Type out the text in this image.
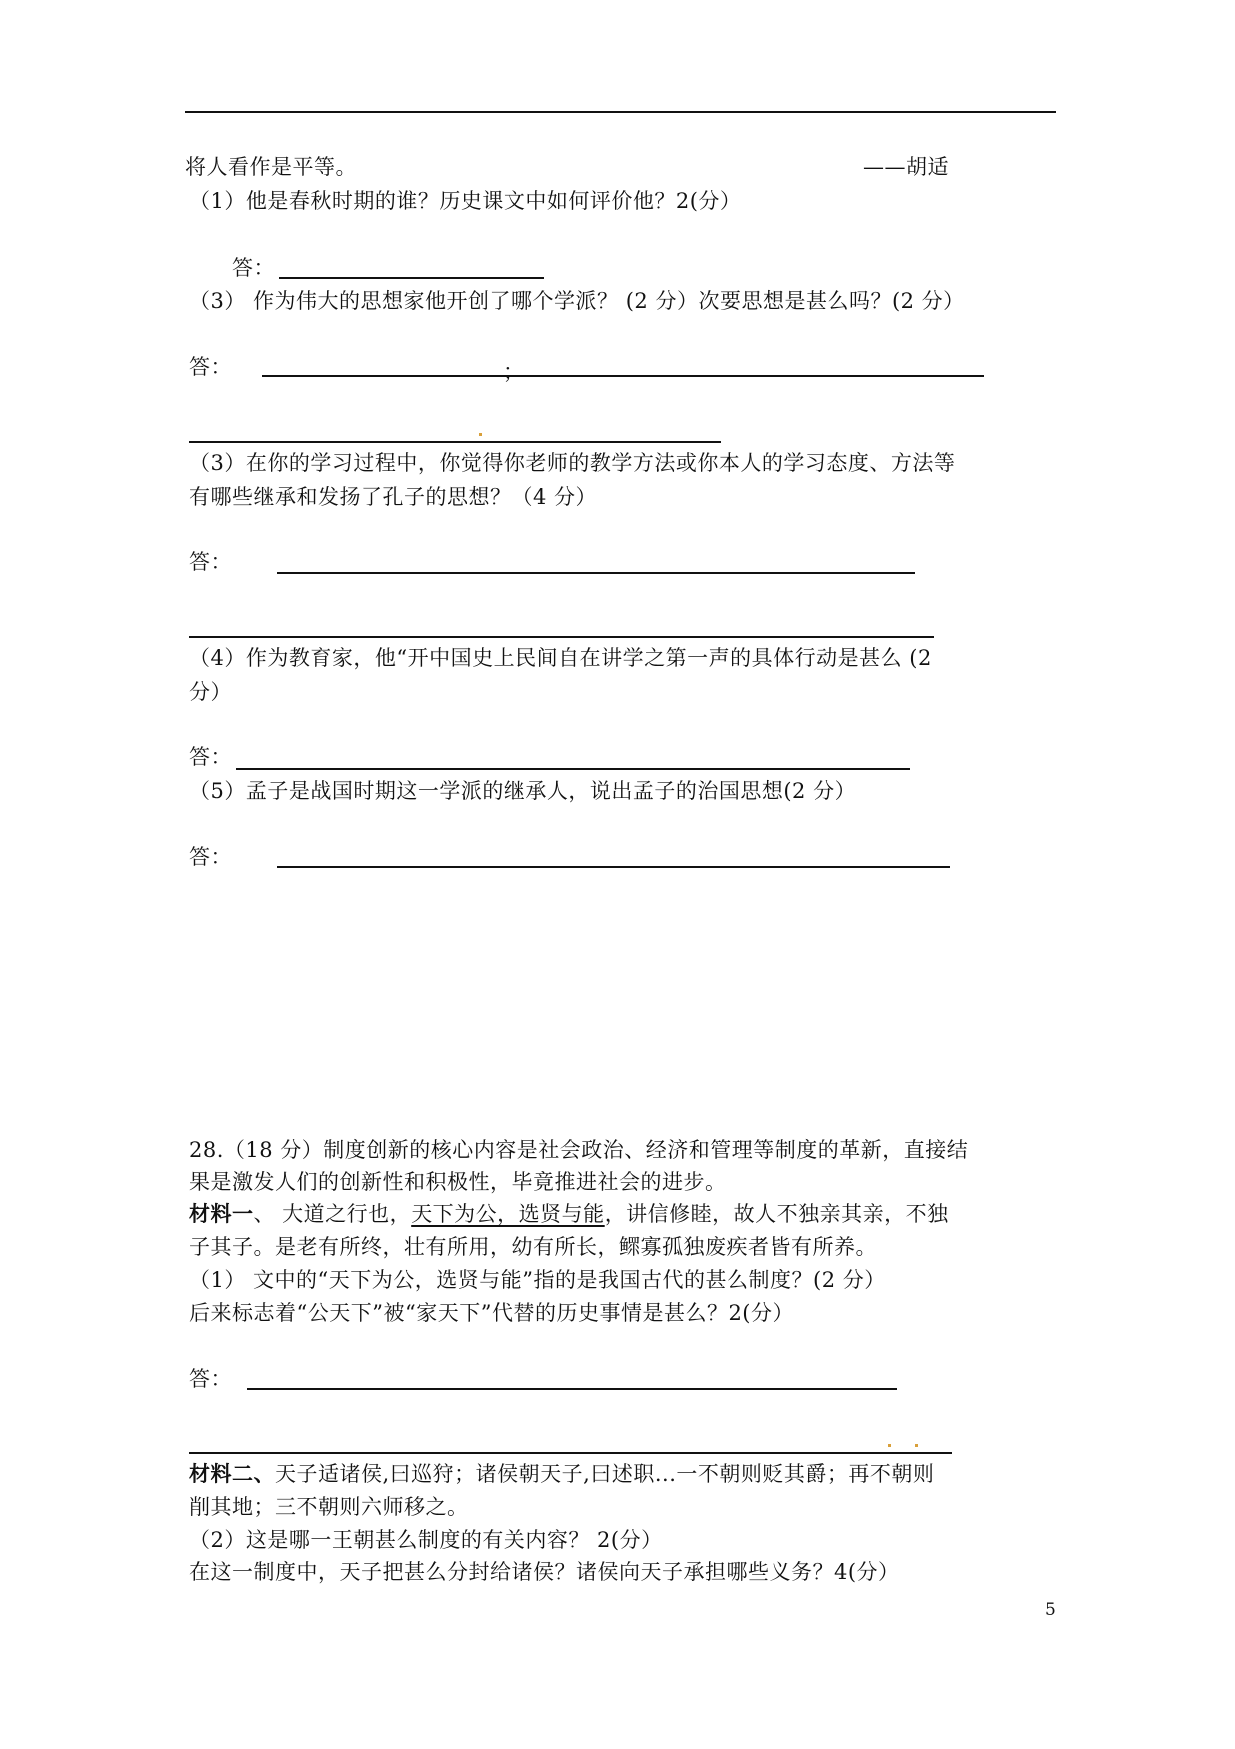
将人看作是平等。	——胡适
（1）他是春秋时期的谁？历史课文中如何评价他？2(分）
答：
（3） 作为伟大的思想家他开创了哪个学派？ (2 分）次要思想是甚么吗？(2 分）
答：	；
（3）在你的学习过程中，你觉得你老师的教学方法或你本人的学习态度、方法等
有哪些继承和发扬了孔子的思想？（4 分）
答：
（4）作为教育家，他“开中国史上民间自在讲学之第一声的具体行动是甚么 (2
分）
答：
（5）孟子是战国时期这一学派的继承人，说出孟子的治国思想(2 分）
答：
28.（18 分）制度创新的核心内容是社会政治、经济和管理等制度的革新，直接结
果是激发人们的创新性和积极性，毕竟推进社会的进步。
材料一、 大道之行也，天下为公，选贤与能，讲信修睦，故人不独亲其亲，不独
子其子。是老有所终，壮有所用，幼有所长，鳏寡孤独废疾者皆有所养。
（1） 文中的“天下为公，选贤与能”指的是我国古代的甚么制度？(2 分）
后来标志着“公天下”被“家天下”代替的历史事情是甚么？2(分）
答：
材料二、天子适诸侯,曰巡狩；诸侯朝天子,曰述职...一不朝则贬其爵；再不朝则
削其地；三不朝则六师移之。
（2）这是哪一王朝甚么制度的有关内容？ 2(分）
在这一制度中，天子把甚么分封给诸侯？诸侯向天子承担哪些义务？4(分）
5
